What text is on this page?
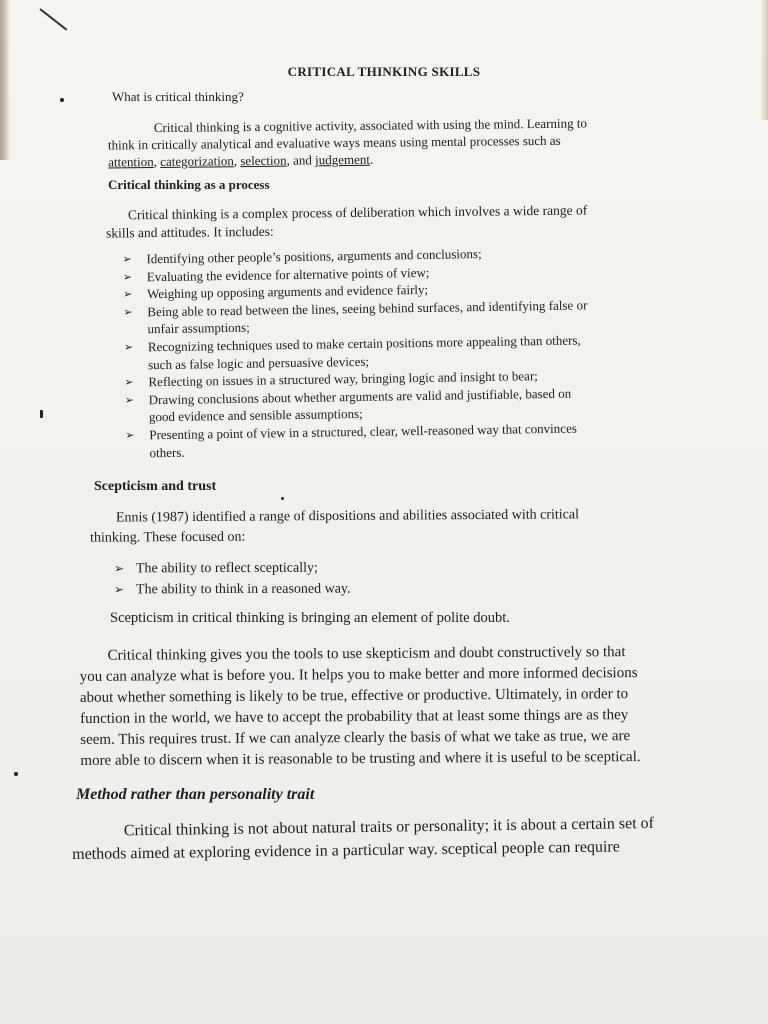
CRITICAL THINKING SKILLS
What is critical thinking?
Critical thinking is a cognitive activity, associated with using the mind. Learning to
think in critically analytical and evaluative ways means using mental processes such as
attention, categorization, selection, and judgement.
Critical thinking as a process
Critical thinking is a complex process of deliberation which involves a wide range of
skills and attitudes. It includes:
➢ Identifying other people’s positions, arguments and conclusions;
➢ Evaluating the evidence for alternative points of view;
➢ Weighing up opposing arguments and evidence fairly;
➢ Being able to read between the lines, seeing behind surfaces, and identifying false or
unfair assumptions;
➢ Recognizing techniques used to make certain positions more appealing than others,
such as false logic and persuasive devices;
➢ Reflecting on issues in a structured way, bringing logic and insight to bear;
➢ Drawing conclusions about whether arguments are valid and justifiable, based on
good evidence and sensible assumptions;
➢ Presenting a point of view in a structured, clear, well-reasoned way that convinces
others.
Scepticism and trust
Ennis (1987) identified a range of dispositions and abilities associated with critical
thinking. These focused on:
➢ The ability to reflect sceptically;
➢ The ability to think in a reasoned way.
Scepticism in critical thinking is bringing an element of polite doubt.
Critical thinking gives you the tools to use skepticism and doubt constructively so that
you can analyze what is before you. It helps you to make better and more informed decisions
about whether something is likely to be true, effective or productive. Ultimately, in order to
function in the world, we have to accept the probability that at least some things are as they
seem. This requires trust. If we can analyze clearly the basis of what we take as true, we are
more able to discern when it is reasonable to be trusting and where it is useful to be sceptical.
Method rather than personality trait
Critical thinking is not about natural traits or personality; it is about a certain set of
methods aimed at exploring evidence in a particular way. sceptical people can require
